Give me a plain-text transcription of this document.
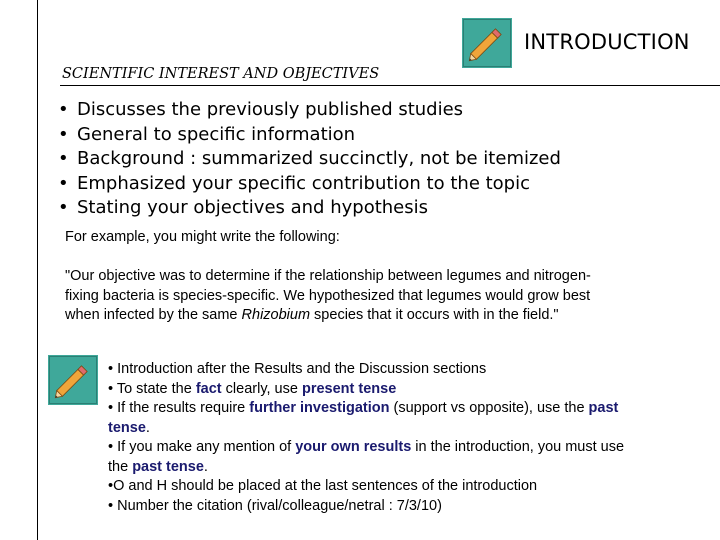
INTRODUCTION
SCIENTIFIC INTEREST AND OBJECTIVES
• Discusses the previously published studies
• General to specific information
• Background : summarized succinctly, not be itemized
• Emphasized your specific contribution to the topic
• Stating your objectives and hypothesis
For example, you might write the following:
"Our objective was to determine if the relationship between legumes and nitrogen-
fixing bacteria is species-specific. We hypothesized that legumes would grow best
when infected by the same Rhizobium species that it occurs with in the field."
• Introduction after the Results and the Discussion sections
• To state the fact clearly, use present tense
• If the results require further investigation (support vs opposite), use the past
tense.
• If you make any mention of your own results in the introduction, you must use
the past tense.
•O and H should be placed at the last sentences of the introduction
• Number the citation (rival/colleague/netral : 7/3/10)
